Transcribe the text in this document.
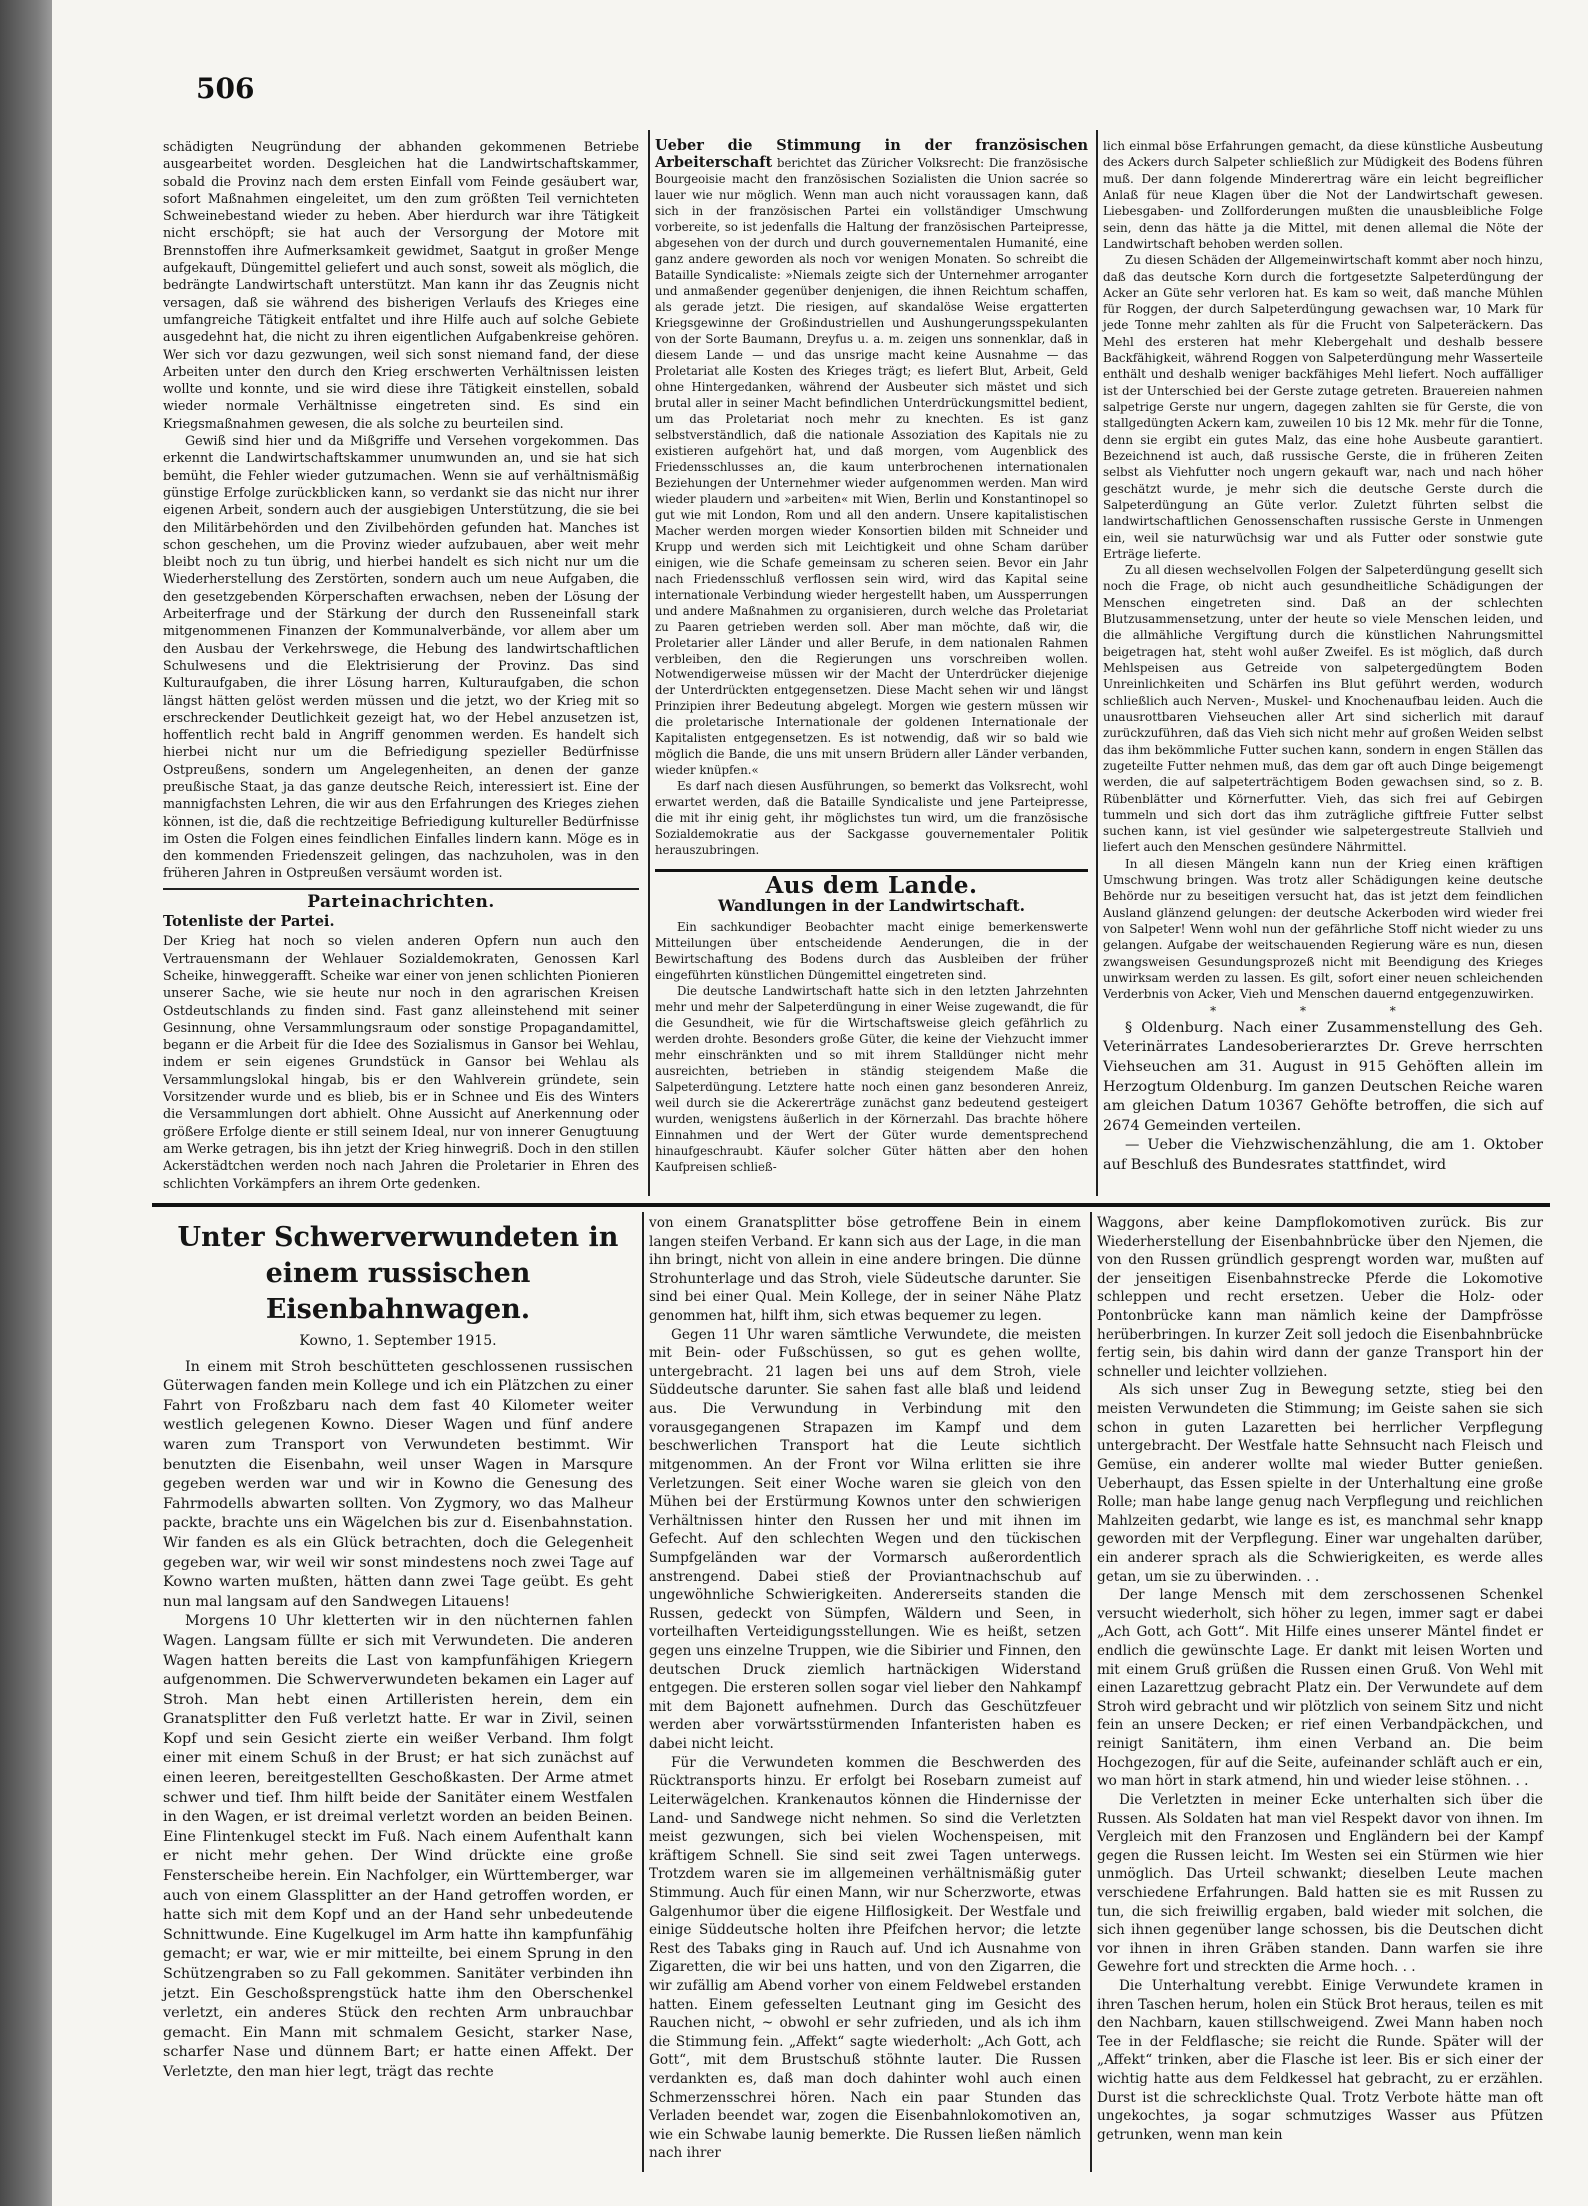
506

schädigten Neugründung der abhanden gekommenen Betriebe ausgearbeitet worden. Desgleichen hat die Landwirtschaftskammer, sobald die Provinz nach dem ersten Einfall vom Feinde gesäubert war, sofort Maßnahmen eingeleitet, um den zum größten Teil vernichteten Schweinebestand wieder zu heben. Aber hierdurch war ihre Tätigkeit nicht erschöpft; sie hat auch der Versorgung der Motore mit Brennstoffen ihre Aufmerksamkeit gewidmet, Saatgut in großer Menge aufgekauft, Düngemittel geliefert und auch sonst, soweit als möglich, die bedrängte Landwirtschaft unterstützt. Man kann ihr das Zeugnis nicht versagen, daß sie während des bisherigen Verlaufs des Krieges eine umfangreiche Tätigkeit entfaltet und ihre Hilfe auch auf solche Gebiete ausgedehnt hat, die nicht zu ihren eigentlichen Aufgabenkreise gehören. Wer sich vor dazu gezwungen, weil sich sonst niemand fand, der diese Arbeiten unter den durch den Krieg erschwerten Verhältnissen leisten wollte und konnte, und sie wird diese ihre Tätigkeit einstellen, sobald wieder normale Verhältnisse eingetreten sind. Es sind ein Kriegsmaßnahmen gewesen, die als solche zu beurteilen sind.

Gewiß sind hier und da Mißgriffe und Versehen vorgekommen. Das erkennt die Landwirtschaftskammer unumwunden an, und sie hat sich bemüht, die Fehler wieder gutzumachen. Wenn sie auf verhältnismäßig günstige Erfolge zurückblicken kann, so verdankt sie das nicht nur ihrer eigenen Arbeit, sondern auch der ausgiebigen Unterstützung, die sie bei den Militärbehörden und den Zivilbehörden gefunden hat. Manches ist schon geschehen, um die Provinz wieder aufzubauen, aber weit mehr bleibt noch zu tun übrig, und hierbei handelt es sich nicht nur um die Wiederherstellung des Zerstörten, sondern auch um neue Aufgaben, die den gesetzgebenden Körperschaften erwachsen, neben der Lösung der Arbeiterfrage und der Stärkung der durch den Russeneinfall stark mitgenommenen Finanzen der Kommunalverbände, vor allem aber um den Ausbau der Verkehrswege, die Hebung des landwirtschaftlichen Schulwesens und die Elektrisierung der Provinz. Das sind Kulturaufgaben, die ihrer Lösung harren, Kulturaufgaben, die schon längst hätten gelöst werden müssen und die jetzt, wo der Krieg mit so erschreckender Deutlichkeit gezeigt hat, wo der Hebel anzusetzen ist, hoffentlich recht bald in Angriff genommen werden. Es handelt sich hierbei nicht nur um die Befriedigung spezieller Bedürfnisse Ostpreußens, sondern um Angelegenheiten, an denen der ganze preußische Staat, ja das ganze deutsche Reich, interessiert ist. Eine der mannigfachsten Lehren, die wir aus den Erfahrungen des Krieges ziehen können, ist die, daß die rechtzeitige Befriedigung kultureller Bedürfnisse im Osten die Folgen eines feindlichen Einfalles lindern kann. Möge es in den kommenden Friedenszeit gelingen, das nachzuholen, was in den früheren Jahren in Ostpreußen versäumt worden ist.

Parteinachrichten.
Totenliste der Partei.

Der Krieg hat noch so vielen anderen Opfern nun auch den Vertrauensmann der Wehlauer Sozialdemokraten, Genossen Karl Scheike, hinweggerafft. Scheike war einer von jenen schlichten Pionieren unserer Sache, wie sie heute nur noch in den agrarischen Kreisen Ostdeutschlands zu finden sind. Fast ganz alleinstehend mit seiner Gesinnung, ohne Versammlungsraum oder sonstige Propagandamittel, begann er die Arbeit für die Idee des Sozialismus in Gansor bei Wehlau, indem er sein eigenes Grundstück in Gansor bei Wehlau als Versammlungslokal hingab, bis er den Wahlverein gründete, sein Vorsitzender wurde und es blieb, bis er in Schnee und Eis des Winters die Versammlungen dort abhielt. Ohne Aussicht auf Anerkennung oder größere Erfolge diente er still seinem Ideal, nur von innerer Genugtuung am Werke getragen, bis ihn jetzt der Krieg hinwegriß. Doch in den stillen Ackerstädtchen werden noch nach Jahren die Proletarier in Ehren des schlichten Vorkämpfers an ihrem Orte gedenken.

Ueber die Stimmung in der französischen Arbeiterschaft berichtet das Züricher Volksrecht: Die französische Bourgeoisie macht den französischen Sozialisten die Union sacrée so lauer wie nur möglich. Wenn man auch nicht voraussagen kann, daß sich in der französischen Partei ein vollständiger Umschwung vorbereite, so ist jedenfalls die Haltung der französischen Parteipresse, abgesehen von der durch und durch gouvernementalen Humanité, eine ganz andere geworden als noch vor wenigen Monaten. So schreibt die Bataille Syndicaliste: »Niemals zeigte sich der Unternehmer arroganter und anmaßender gegenüber denjenigen, die ihnen Reichtum schaffen, als gerade jetzt. Die riesigen, auf skandalöse Weise ergatterten Kriegsgewinne der Großindustriellen und Aushungerungsspekulanten von der Sorte Baumann, Dreyfus u. a. m. zeigen uns sonnenklar, daß in diesem Lande — und das unsrige macht keine Ausnahme — das Proletariat alle Kosten des Krieges trägt; es liefert Blut, Arbeit, Geld ohne Hintergedanken, während der Ausbeuter sich mästet und sich brutal aller in seiner Macht befindlichen Unterdrückungsmittel bedient, um das Proletariat noch mehr zu knechten. Es ist ganz selbstverständlich, daß die nationale Assoziation des Kapitals nie zu existieren aufgehört hat, und daß morgen, vom Augenblick des Friedensschlusses an, die kaum unterbrochenen internationalen Beziehungen der Unternehmer wieder aufgenommen werden. Man wird wieder plaudern und »arbeiten« mit Wien, Berlin und Konstantinopel so gut wie mit London, Rom und all den andern. Unsere kapitalistischen Macher werden morgen wieder Konsortien bilden mit Schneider und Krupp und werden sich mit Leichtigkeit und ohne Scham darüber einigen, wie die Schafe gemeinsam zu scheren seien. Bevor ein Jahr nach Friedensschluß verflossen sein wird, wird das Kapital seine internationale Verbindung wieder hergestellt haben, um Aussperrungen und andere Maßnahmen zu organisieren, durch welche das Proletariat zu Paaren getrieben werden soll. Aber man möchte, daß wir, die Proletarier aller Länder und aller Berufe, in dem nationalen Rahmen verbleiben, den die Regierungen uns vorschreiben wollen. Notwendigerweise müssen wir der Macht der Unterdrücker diejenige der Unterdrückten entgegensetzen. Diese Macht sehen wir und längst Prinzipien ihrer Bedeutung abgelegt. Morgen wie gestern müssen wir die proletarische Internationale der goldenen Internationale der Kapitalisten entgegensetzen. Es ist notwendig, daß wir so bald wie möglich die Bande, die uns mit unsern Brüdern aller Länder verbanden, wieder knüpfen.«

Es darf nach diesen Ausführungen, so bemerkt das Volksrecht, wohl erwartet werden, daß die Bataille Syndicaliste und jene Parteipresse, die mit ihr einig geht, ihr möglichstes tun wird, um die französische Sozialdemokratie aus der Sackgasse gouvernementaler Politik herauszubringen.

Aus dem Lande.
Wandlungen in der Landwirtschaft.

Ein sachkundiger Beobachter macht einige bemerkenswerte Mitteilungen über entscheidende Aenderungen, die in der Bewirtschaftung des Bodens durch das Ausbleiben der früher eingeführten künstlichen Düngemittel eingetreten sind.

Die deutsche Landwirtschaft hatte sich in den letzten Jahrzehnten mehr und mehr der Salpeterdüngung in einer Weise zugewandt, die für die Gesundheit, wie für die Wirtschaftsweise gleich gefährlich zu werden drohte. Besonders große Güter, die keine der Viehzucht immer mehr einschränkten und so mit ihrem Stalldünger nicht mehr ausreichten, betrieben in ständig steigendem Maße die Salpeterdüngung. Letztere hatte noch einen ganz besonderen Anreiz, weil durch sie die Ackererträge zunächst ganz bedeutend gesteigert wurden, wenigstens äußerlich in der Körnerzahl. Das brachte höhere Einnahmen und der Wert der Güter wurde dementsprechend hinaufgeschraubt. Käufer solcher Güter hätten aber den hohen Kaufpreisen schließ-

lich einmal böse Erfahrungen gemacht, da diese künstliche Ausbeutung des Ackers durch Salpeter schließlich zur Müdigkeit des Bodens führen muß. Der dann folgende Minderertrag wäre ein leicht begreiflicher Anlaß für neue Klagen über die Not der Landwirtschaft gewesen. Liebesgaben- und Zollforderungen mußten die unausbleibliche Folge sein, denn das hätte ja die Mittel, mit denen allemal die Nöte der Landwirtschaft behoben werden sollen.

Zu diesen Schäden der Allgemeinwirtschaft kommt aber noch hinzu, daß das deutsche Korn durch die fortgesetzte Salpeterdüngung der Acker an Güte sehr verloren hat. Es kam so weit, daß manche Mühlen für Roggen, der durch Salpeterdüngung gewachsen war, 10 Mark für jede Tonne mehr zahlten als für die Frucht von Salpeteräckern. Das Mehl des ersteren hat mehr Klebergehalt und deshalb bessere Backfähigkeit, während Roggen von Salpeterdüngung mehr Wasserteile enthält und deshalb weniger backfähiges Mehl liefert. Noch auffälliger ist der Unterschied bei der Gerste zutage getreten. Brauereien nahmen salpetrige Gerste nur ungern, dagegen zahlten sie für Gerste, die von stallgedüngten Ackern kam, zuweilen 10 bis 12 Mk. mehr für die Tonne, denn sie ergibt ein gutes Malz, das eine hohe Ausbeute garantiert. Bezeichnend ist auch, daß russische Gerste, die in früheren Zeiten selbst als Viehfutter noch ungern gekauft war, nach und nach höher geschätzt wurde, je mehr sich die deutsche Gerste durch die Salpeterdüngung an Güte verlor. Zuletzt führten selbst die landwirtschaftlichen Genossenschaften russische Gerste in Unmengen ein, weil sie naturwüchsig war und als Futter oder sonstwie gute Erträge lieferte.

Zu all diesen wechselvollen Folgen der Salpeterdüngung gesellt sich noch die Frage, ob nicht auch gesundheitliche Schädigungen der Menschen eingetreten sind. Daß an der schlechten Blutzusammensetzung, unter der heute so viele Menschen leiden, und die allmähliche Vergiftung durch die künstlichen Nahrungsmittel beigetragen hat, steht wohl außer Zweifel. Es ist möglich, daß durch Mehlspeisen aus Getreide von salpetergedüngtem Boden Unreinlichkeiten und Schärfen ins Blut geführt werden, wodurch schließlich auch Nerven-, Muskel- und Knochenaufbau leiden. Auch die unausrottbaren Viehseuchen aller Art sind sicherlich mit darauf zurückzuführen, daß das Vieh sich nicht mehr auf großen Weiden selbst das ihm bekömmliche Futter suchen kann, sondern in engen Ställen das zugeteilte Futter nehmen muß, das dem gar oft auch Dinge beigemengt werden, die auf salpeterträchtigem Boden gewachsen sind, so z. B. Rübenblätter und Körnerfutter. Vieh, das sich frei auf Gebirgen tummeln und sich dort das ihm zuträgliche giftfreie Futter selbst suchen kann, ist viel gesünder wie salpetergestreute Stallvieh und liefert auch den Menschen gesündere Nährmittel.

In all diesen Mängeln kann nun der Krieg einen kräftigen Umschwung bringen. Was trotz aller Schädigungen keine deutsche Behörde nur zu beseitigen versucht hat, das ist jetzt dem feindlichen Ausland glänzend gelungen: der deutsche Ackerboden wird wieder frei von Salpeter! Wenn wohl nun der gefährliche Stoff nicht wieder zu uns gelangen. Aufgabe der weitschauenden Regierung wäre es nun, diesen zwangsweisen Gesundungsprozeß nicht mit Beendigung des Krieges unwirksam werden zu lassen. Es gilt, sofort einer neuen schleichenden Verderbnis von Acker, Vieh und Menschen dauernd entgegenzuwirken.

* * *

§ Oldenburg. Nach einer Zusammenstellung des Geh. Veterinärrates Landesoberierarztes Dr. Greve herrschten Viehseuchen am 31. August in 915 Gehöften allein im Herzogtum Oldenburg. Im ganzen Deutschen Reiche waren am gleichen Datum 10367 Gehöfte betroffen, die sich auf 2674 Gemeinden verteilen.

— Ueber die Viehzwischenzählung, die am 1. Oktober auf Beschluß des Bundesrates stattfindet, wird

Unter Schwerverwundeten in einem russischen Eisenbahnwagen.
Kowno, 1. September 1915.

In einem mit Stroh beschütteten geschlossenen russischen Güterwagen fanden mein Kollege und ich ein Plätzchen zu einer Fahrt von Froßzbaru nach dem fast 40 Kilometer weiter westlich gelegenen Kowno. Dieser Wagen und fünf andere waren zum Transport von Verwundeten bestimmt. Wir benutzten die Eisenbahn, weil unser Wagen in Marsqure gegeben werden war und wir in Kowno die Genesung des Fahrmodells abwarten sollten. Von Zygmory, wo das Malheur packte, brachte uns ein Wägelchen bis zur d. Eisenbahnstation. Wir fanden es als ein Glück betrachten, doch die Gelegenheit gegeben war, wir weil wir sonst mindestens noch zwei Tage auf Kowno warten mußten, hätten dann zwei Tage geübt. Es geht nun mal langsam auf den Sandwegen Litauens!

Morgens 10 Uhr kletterten wir in den nüchternen fahlen Wagen. Langsam füllte er sich mit Verwundeten. Die anderen Wagen hatten bereits die Last von kampfunfähigen Kriegern aufgenommen. Die Schwerverwundeten bekamen ein Lager auf Stroh. Man hebt einen Artilleristen herein, dem ein Granatsplitter den Fuß verletzt hatte. Er war in Zivil, seinen Kopf und sein Gesicht zierte ein weißer Verband. Ihm folgt einer mit einem Schuß in der Brust; er hat sich zunächst auf einen leeren, bereitgestellten Geschoßkasten. Der Arme atmet schwer und tief. Ihm hilft beide der Sanitäter einem Westfalen in den Wagen, er ist dreimal verletzt worden an beiden Beinen. Eine Flintenkugel steckt im Fuß. Nach einem Aufenthalt kann er nicht mehr gehen. Der Wind drückte eine große Fensterscheibe herein. Ein Nachfolger, ein Württemberger, war auch von einem Glassplitter an der Hand getroffen worden, er hatte sich mit dem Kopf und an der Hand sehr unbedeutende Schnittwunde. Eine Kugelkugel im Arm hatte ihn kampfunfähig gemacht; er war, wie er mir mitteilte, bei einem Sprung in den Schützengraben so zu Fall gekommen. Sanitäter verbinden ihn jetzt. Ein Geschoßsprengstück hatte ihm den Oberschenkel verletzt, ein anderes Stück den rechten Arm unbrauchbar gemacht. Ein Mann mit schmalem Gesicht, starker Nase, scharfer Nase und dünnem Bart; er hatte einen Affekt. Der Verletzte, den man hier legt, trägt das rechte

von einem Granatsplitter böse getroffene Bein in einem langen steifen Verband. Er kann sich aus der Lage, in die man ihn bringt, nicht von allein in eine andere bringen. Die dünne Strohunterlage und das Stroh, viele Südeutsche darunter. Sie sind bei einer Qual. Mein Kollege, der in seiner Nähe Platz genommen hat, hilft ihm, sich etwas bequemer zu legen.

Gegen 11 Uhr waren sämtliche Verwundete, die meisten mit Bein- oder Fußschüssen, so gut es gehen wollte, untergebracht. 21 lagen bei uns auf dem Stroh, viele Süddeutsche darunter. Sie sahen fast alle blaß und leidend aus. Die Verwundung in Verbindung mit den vorausgegangenen Strapazen im Kampf und dem beschwerlichen Transport hat die Leute sichtlich mitgenommen. An der Front vor Wilna erlitten sie ihre Verletzungen. Seit einer Woche waren sie gleich von den Mühen bei der Erstürmung Kownos unter den schwierigen Verhältnissen hinter den Russen her und mit ihnen im Gefecht. Auf den schlechten Wegen und den tückischen Sumpfgeländen war der Vormarsch außerordentlich anstrengend. Dabei stieß der Proviantnachschub auf ungewöhnliche Schwierigkeiten. Andererseits standen die Russen, gedeckt von Sümpfen, Wäldern und Seen, in vorteilhaften Verteidigungsstellungen. Wie es heißt, setzen gegen uns einzelne Truppen, wie die Sibirier und Finnen, den deutschen Druck ziemlich hartnäckigen Widerstand entgegen. Die ersteren sollen sogar viel lieber den Nahkampf mit dem Bajonett aufnehmen. Durch das Geschützfeuer werden aber vorwärtsstürmenden Infanteristen haben es dabei nicht leicht.

Für die Verwundeten kommen die Beschwerden des Rücktransports hinzu. Er erfolgt bei Rosebarn zumeist auf Leiterwägelchen. Krankenautos können die Hindernisse der Land- und Sandwege nicht nehmen. So sind die Verletzten meist gezwungen, sich bei vielen Wochenspeisen, mit kräftigem Schnell. Sie sind seit zwei Tagen unterwegs. Trotzdem waren sie im allgemeinen verhältnismäßig guter Stimmung. Auch für einen Mann, wir nur Scherzworte, etwas Galgenhumor über die eigene Hilflosigkeit. Der Westfale und einige Süddeutsche holten ihre Pfeifchen hervor; die letzte Rest des Tabaks ging in Rauch auf. Und ich Ausnahme von Zigaretten, die wir bei uns hatten, und von den Zigarren, die wir zufällig am Abend vorher von einem Feldwebel erstanden hatten. Einem gefesselten Leutnant ging im Gesicht des Rauchen nicht, ~ obwohl er sehr zufrieden, und als ich ihm die Stimmung fein. „Affekt“ sagte wiederholt: „Ach Gott, ach Gott“, mit dem Brustschuß stöhnte lauter. Die Russen verdankten es, daß man doch dahinter wohl auch einen Schmerzensschrei hören. Nach ein paar Stunden das Verladen beendet war, zogen die Eisenbahnlokomotiven an, wie ein Schwabe launig bemerkte. Die Russen ließen nämlich nach ihrer

Waggons, aber keine Dampflokomotiven zurück. Bis zur Wiederherstellung der Eisenbahnbrücke über den Njemen, die von den Russen gründlich gesprengt worden war, mußten auf der jenseitigen Eisenbahnstrecke Pferde die Lokomotive schleppen und recht ersetzen. Ueber die Holz- oder Pontonbrücke kann man nämlich keine der Dampfrösse herüberbringen. In kurzer Zeit soll jedoch die Eisenbahnbrücke fertig sein, bis dahin wird dann der ganze Transport hin der schneller und leichter vollziehen.

Als sich unser Zug in Bewegung setzte, stieg bei den meisten Verwundeten die Stimmung; im Geiste sahen sie sich schon in guten Lazaretten bei herrlicher Verpflegung untergebracht. Der Westfale hatte Sehnsucht nach Fleisch und Gemüse, ein anderer wollte mal wieder Butter genießen. Ueberhaupt, das Essen spielte in der Unterhaltung eine große Rolle; man habe lange genug nach Verpflegung und reichlichen Mahlzeiten gedarbt, wie lange es ist, es manchmal sehr knapp geworden mit der Verpflegung. Einer war ungehalten darüber, ein anderer sprach als die Schwierigkeiten, es werde alles getan, um sie zu überwinden. . .

Der lange Mensch mit dem zerschossenen Schenkel versucht wiederholt, sich höher zu legen, immer sagt er dabei „Ach Gott, ach Gott“. Mit Hilfe eines unserer Mäntel findet er endlich die gewünschte Lage. Er dankt mit leisen Worten und mit einem Gruß grüßen die Russen einen Gruß. Von Wehl mit einen Lazarettzug gebracht Platz ein. Der Verwundete auf dem Stroh wird gebracht und wir plötzlich von seinem Sitz und nicht fein an unsere Decken; er rief einen Verbandpäckchen, und reinigt Sanitätern, ihm einen Verband an. Die beim Hochgezogen, für auf die Seite, aufeinander schläft auch er ein, wo man hört in stark atmend, hin und wieder leise stöhnen. . .

Die Verletzten in meiner Ecke unterhalten sich über die Russen. Als Soldaten hat man viel Respekt davor von ihnen. Im Vergleich mit den Franzosen und Engländern bei der Kampf gegen die Russen leicht. Im Westen sei ein Stürmen wie hier unmöglich. Das Urteil schwankt; dieselben Leute machen verschiedene Erfahrungen. Bald hatten sie es mit Russen zu tun, die sich freiwillig ergaben, bald wieder mit solchen, die sich ihnen gegenüber lange schossen, bis die Deutschen dicht vor ihnen in ihren Gräben standen. Dann warfen sie ihre Gewehre fort und streckten die Arme hoch. . .

Die Unterhaltung verebbt. Einige Verwundete kramen in ihren Taschen herum, holen ein Stück Brot heraus, teilen es mit den Nachbarn, kauen stillschweigend. Zwei Mann haben noch Tee in der Feldflasche; sie reicht die Runde. Später will der „Affekt“ trinken, aber die Flasche ist leer. Bis er sich einer der wichtig hatte aus dem Feldkessel hat gebracht, zu er erzählen. Durst ist die schrecklichste Qual. Trotz Verbote hätte man oft ungekochtes, ja sogar schmutziges Wasser aus Pfützen getrunken, wenn man kein
